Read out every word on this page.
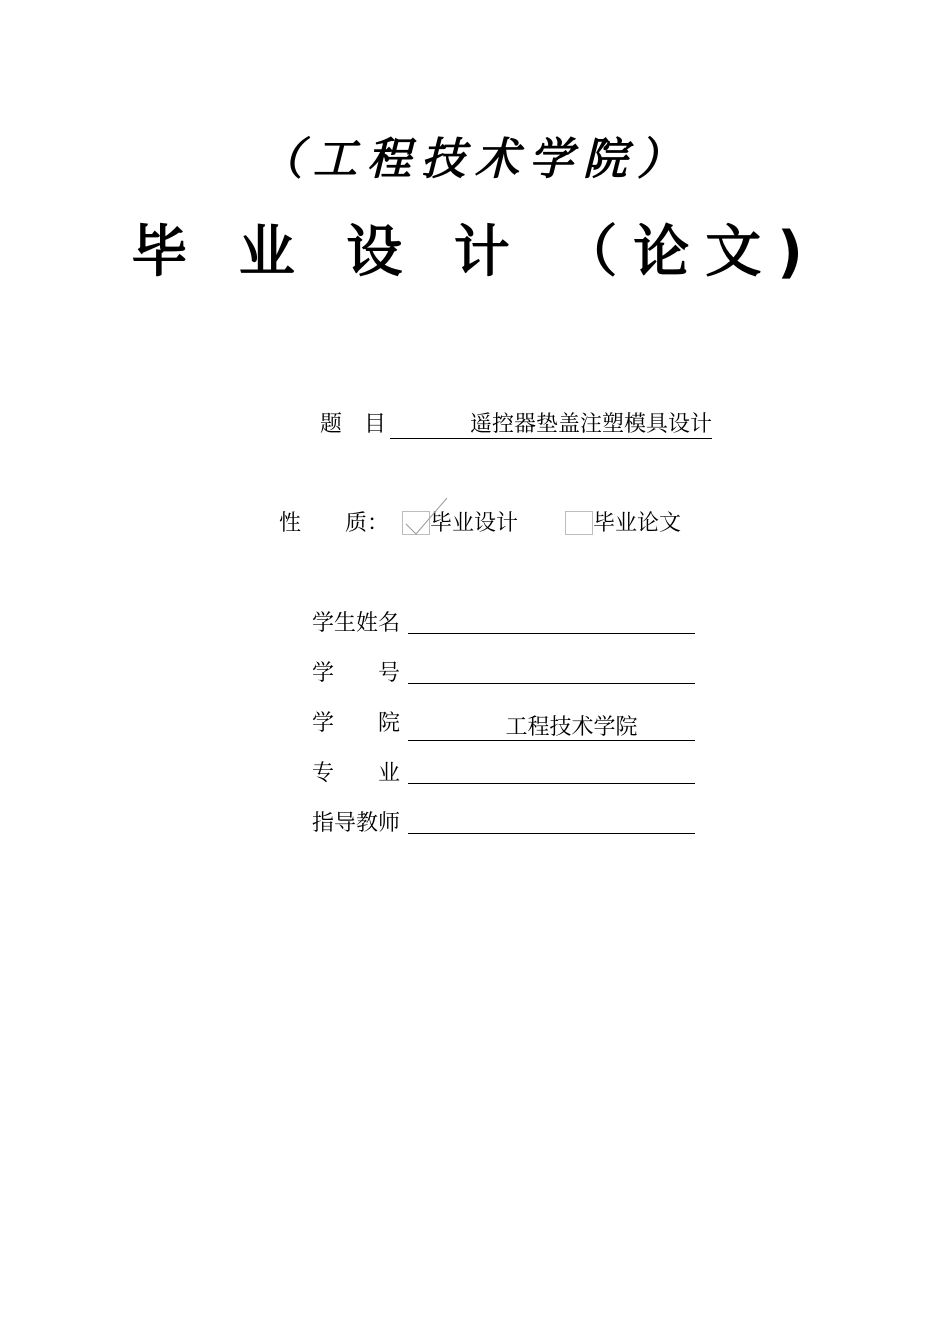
（工程技术学院）
毕 业 设 计 （论文)
题　目	遥控器垫盖注塑模具设计
性　　质： 毕业设计	毕业论文
学生姓名
学　　号
学　　院	工程技术学院
专　　业
指导教师
